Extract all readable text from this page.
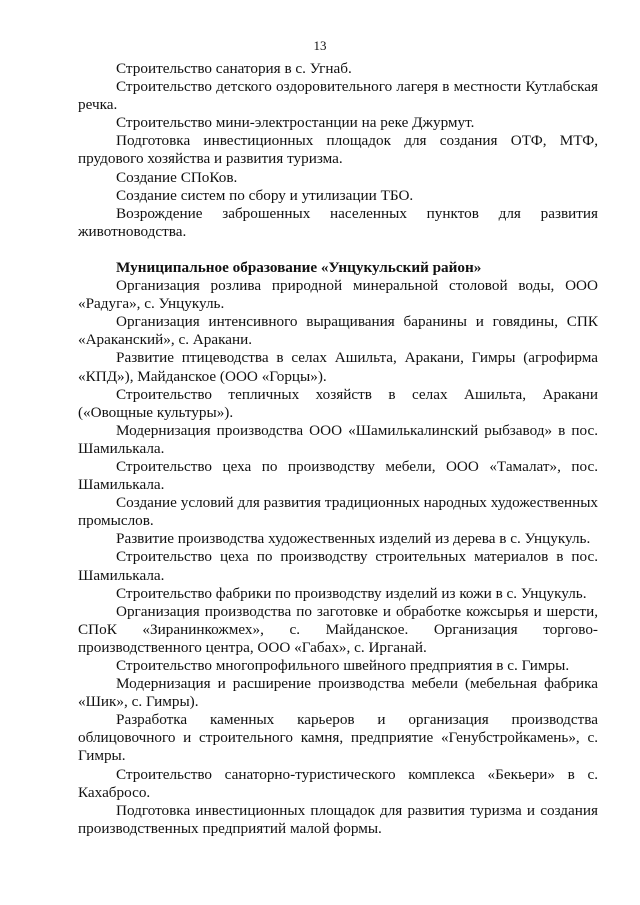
13

Строительство санатория в с. Угнаб.

Строительство детского оздоровительного лагеря в местности Кутлабская речка.

Строительство мини-электростанции на реке Джурмут.

Подготовка инвестиционных площадок для создания ОТФ, МТФ, прудового хозяйства и развития туризма.

Создание СПоКов.

Создание систем по сбору и утилизации ТБО.

Возрождение заброшенных населенных пунктов для развития животноводства.

Муниципальное образование «Унцукульский район»

Организация розлива природной минеральной столовой воды, ООО «Радуга», с. Унцукуль.

Организация интенсивного выращивания баранины и говядины, СПК «Араканский», с. Аракани.

Развитие птицеводства в селах Ашильта, Аракани, Гимры (агрофирма «КПД»), Майданское (ООО «Горцы»).

Строительство тепличных хозяйств в селах Ашильта, Аракани («Овощные культуры»).

Модернизация производства ООО «Шамилькалинский рыбзавод» в пос. Шамилькала.

Строительство цеха по производству мебели, ООО «Тамалат», пос. Шамилькала.

Создание условий для развития традиционных народных художественных промыслов.

Развитие производства художественных изделий из дерева в с. Унцукуль.

Строительство цеха по производству строительных материалов в пос. Шамилькала.

Строительство фабрики по производству изделий из кожи в с. Унцукуль.

Организация производства по заготовке и обработке кожсырья и шерсти, СПоК «Зиранинкожмех», с. Майданское. Организация торгово-производственного центра, ООО «Габах», с. Ирганай.

Строительство многопрофильного швейного предприятия в с. Гимры.

Модернизация и расширение производства мебели (мебельная фабрика «Шик», с. Гимры).

Разработка каменных карьеров и организация производства облицовочного и строительного камня, предприятие «Генубстройкамень», с. Гимры.

Строительство санаторно-туристического комплекса «Бекьери» в с. Кахабросо.

Подготовка инвестиционных площадок для развития туризма и создания производственных предприятий малой формы.
